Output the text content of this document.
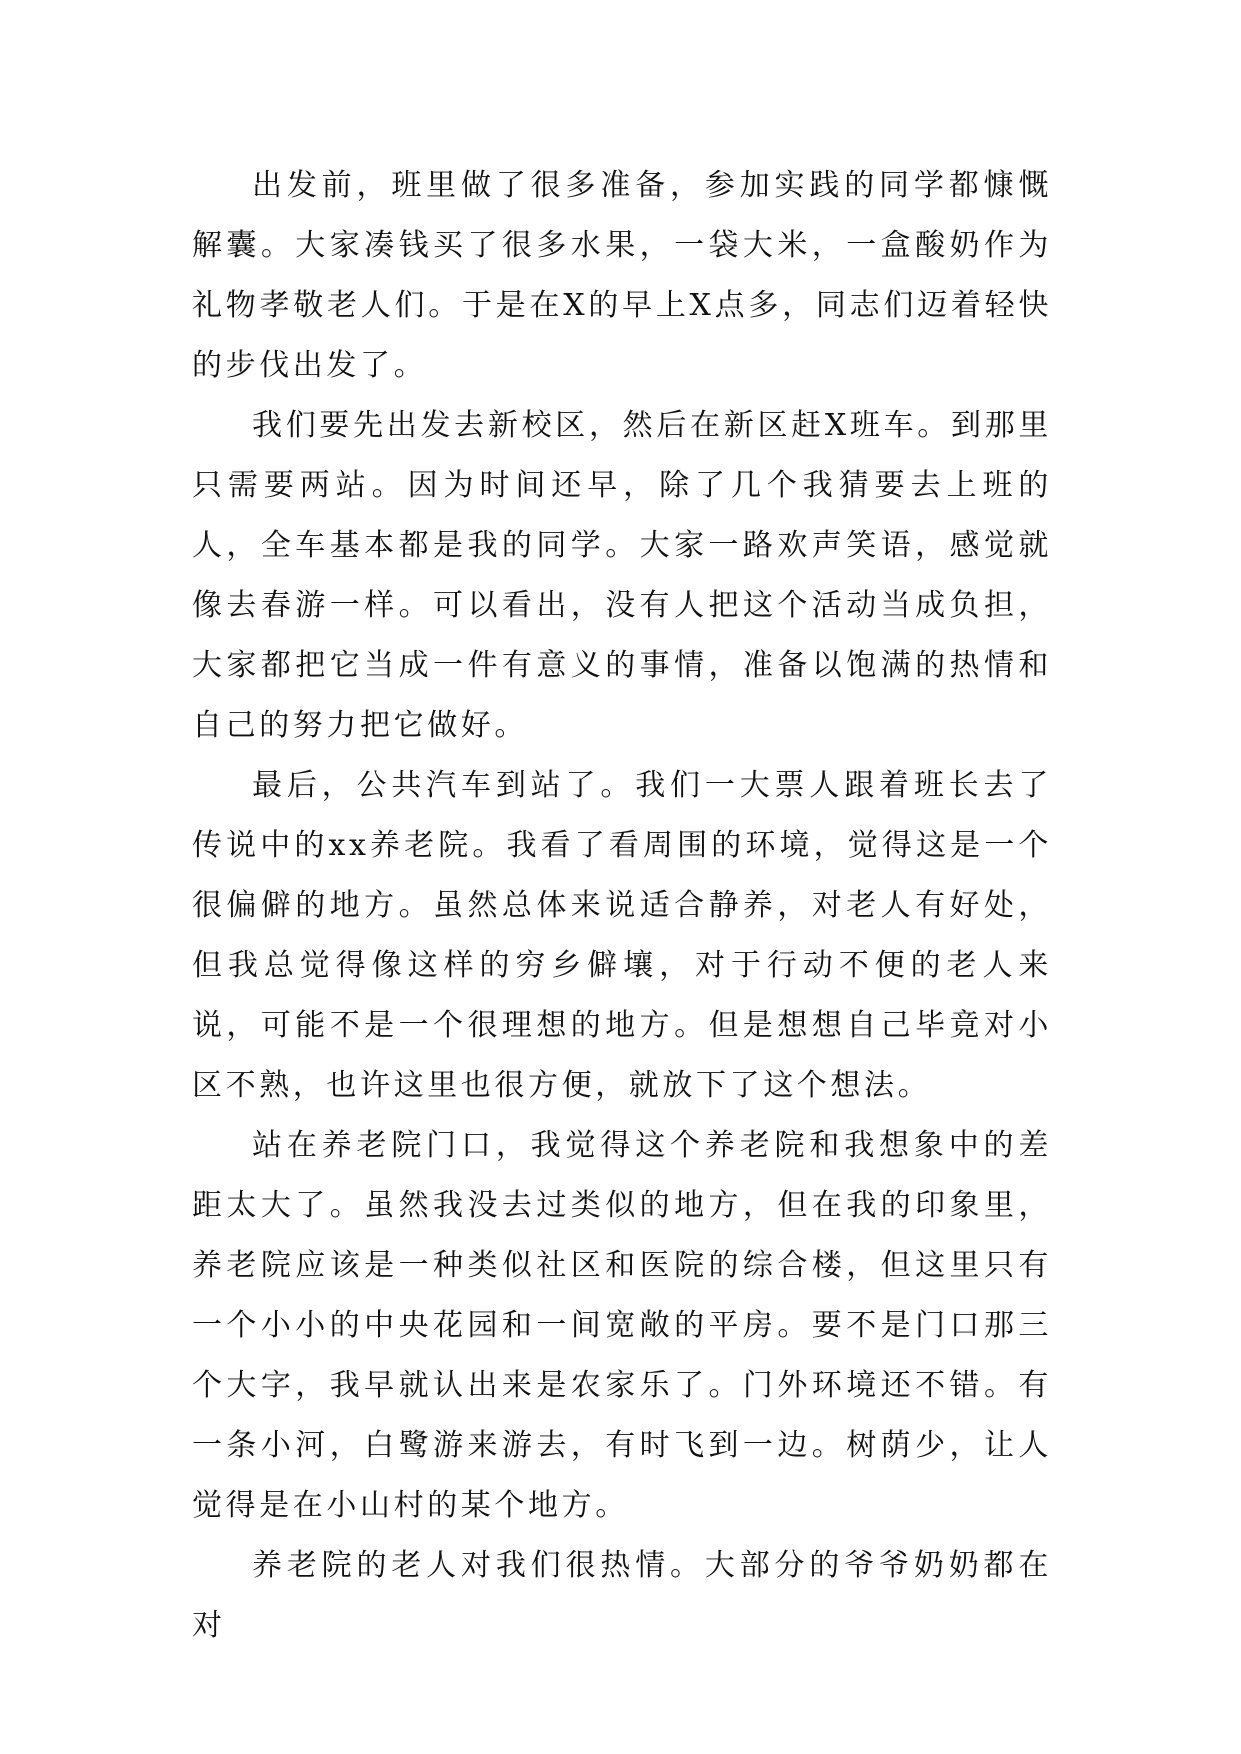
出发前，班里做了很多准备，参加实践的同学都慷慨解囊。大家凑钱买了很多水果，一袋大米，一盒酸奶作为礼物孝敬老人们。于是在X的早上X点多，同志们迈着轻快的步伐出发了。

我们要先出发去新校区，然后在新区赶X班车。到那里只需要两站。因为时间还早，除了几个我猜要去上班的人，全车基本都是我的同学。大家一路欢声笑语，感觉就像去春游一样。可以看出，没有人把这个活动当成负担，大家都把它当成一件有意义的事情，准备以饱满的热情和自己的努力把它做好。

最后，公共汽车到站了。我们一大票人跟着班长去了传说中的xx养老院。我看了看周围的环境，觉得这是一个很偏僻的地方。虽然总体来说适合静养，对老人有好处，但我总觉得像这样的穷乡僻壤，对于行动不便的老人来说，可能不是一个很理想的地方。但是想想自己毕竟对小区不熟，也许这里也很方便，就放下了这个想法。

站在养老院门口，我觉得这个养老院和我想象中的差距太大了。虽然我没去过类似的地方，但在我的印象里，养老院应该是一种类似社区和医院的综合楼，但这里只有一个小小的中央花园和一间宽敞的平房。要不是门口那三个大字，我早就认出来是农家乐了。门外环境还不错。有一条小河，白鹭游来游去，有时飞到一边。树荫少，让人觉得是在小山村的某个地方。

养老院的老人对我们很热情。大部分的爷爷奶奶都在对
